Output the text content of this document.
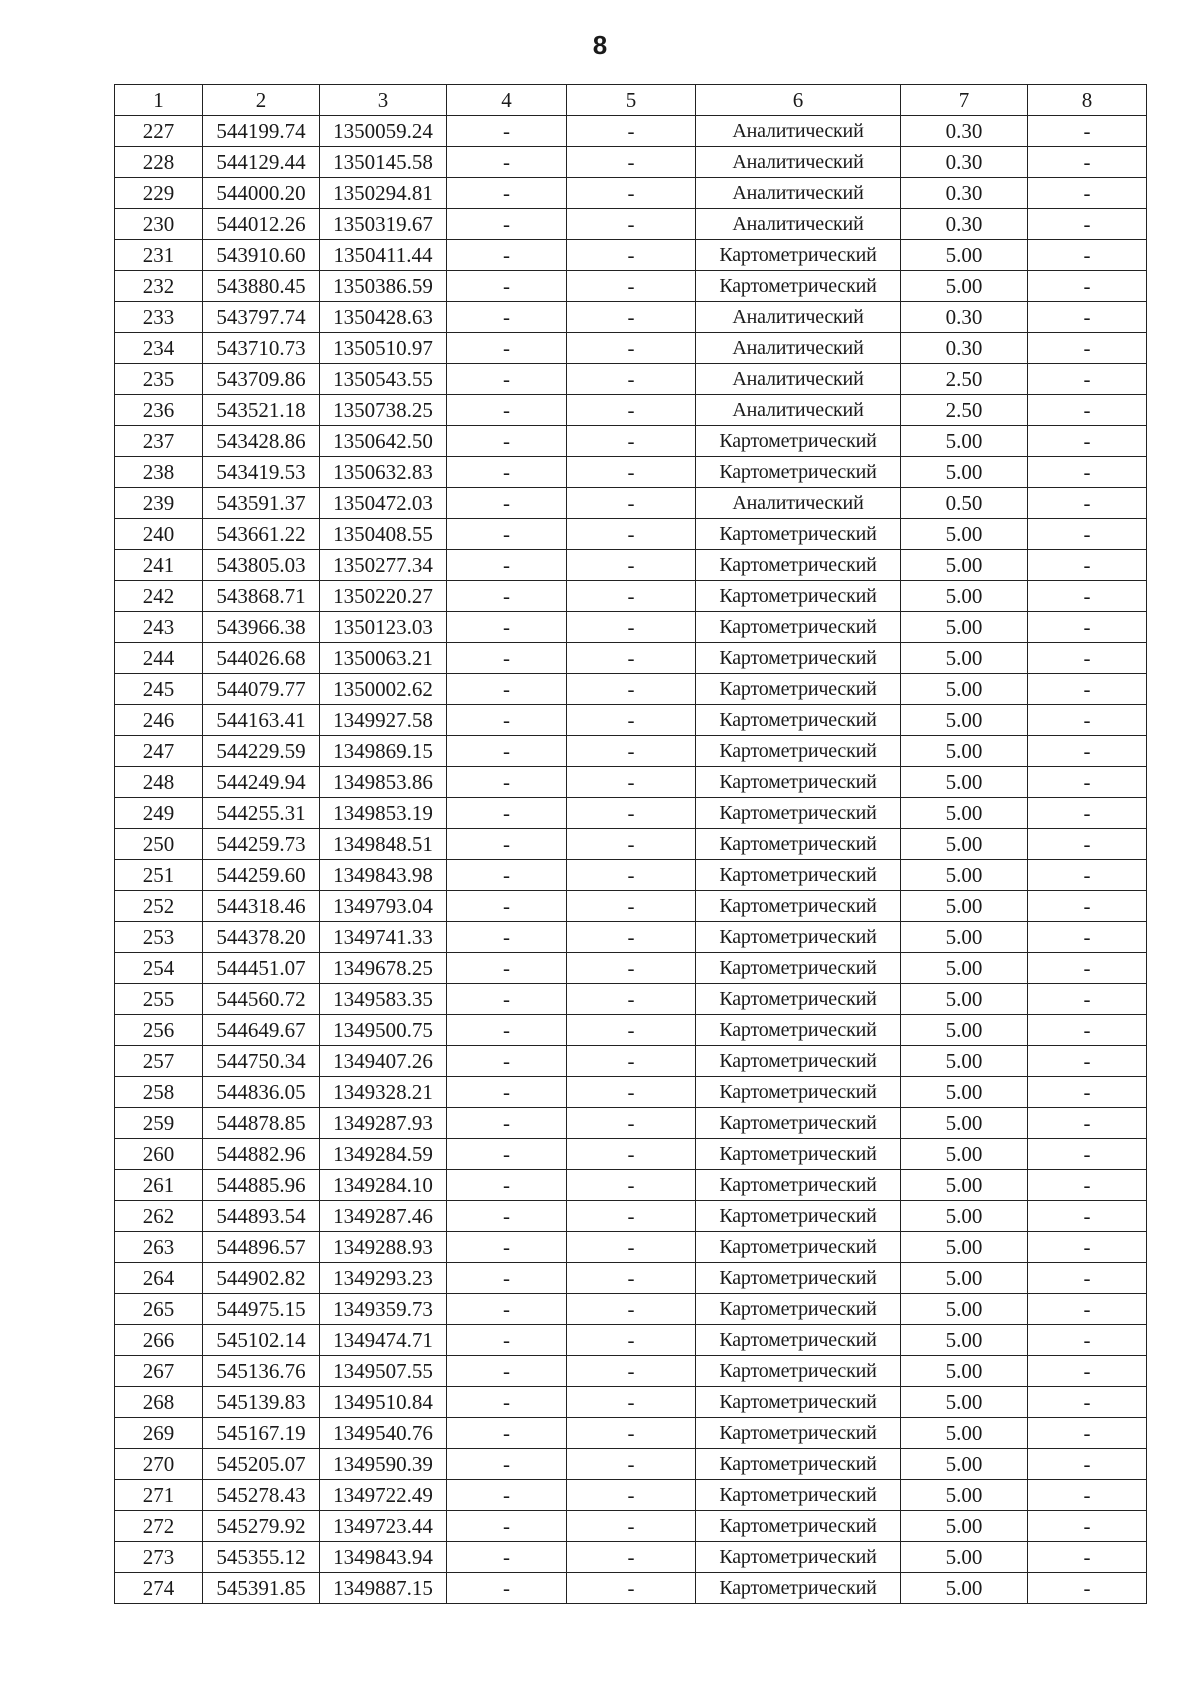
8
1	2	3	4	5	6	7	8
227	544199.74	1350059.24	-	-	Аналитический	0.30	-
228	544129.44	1350145.58	-	-	Аналитический	0.30	-
229	544000.20	1350294.81	-	-	Аналитический	0.30	-
230	544012.26	1350319.67	-	-	Аналитический	0.30	-
231	543910.60	1350411.44	-	-	Картометрический	5.00	-
232	543880.45	1350386.59	-	-	Картометрический	5.00	-
233	543797.74	1350428.63	-	-	Аналитический	0.30	-
234	543710.73	1350510.97	-	-	Аналитический	0.30	-
235	543709.86	1350543.55	-	-	Аналитический	2.50	-
236	543521.18	1350738.25	-	-	Аналитический	2.50	-
237	543428.86	1350642.50	-	-	Картометрический	5.00	-
238	543419.53	1350632.83	-	-	Картометрический	5.00	-
239	543591.37	1350472.03	-	-	Аналитический	0.50	-
240	543661.22	1350408.55	-	-	Картометрический	5.00	-
241	543805.03	1350277.34	-	-	Картометрический	5.00	-
242	543868.71	1350220.27	-	-	Картометрический	5.00	-
243	543966.38	1350123.03	-	-	Картометрический	5.00	-
244	544026.68	1350063.21	-	-	Картометрический	5.00	-
245	544079.77	1350002.62	-	-	Картометрический	5.00	-
246	544163.41	1349927.58	-	-	Картометрический	5.00	-
247	544229.59	1349869.15	-	-	Картометрический	5.00	-
248	544249.94	1349853.86	-	-	Картометрический	5.00	-
249	544255.31	1349853.19	-	-	Картометрический	5.00	-
250	544259.73	1349848.51	-	-	Картометрический	5.00	-
251	544259.60	1349843.98	-	-	Картометрический	5.00	-
252	544318.46	1349793.04	-	-	Картометрический	5.00	-
253	544378.20	1349741.33	-	-	Картометрический	5.00	-
254	544451.07	1349678.25	-	-	Картометрический	5.00	-
255	544560.72	1349583.35	-	-	Картометрический	5.00	-
256	544649.67	1349500.75	-	-	Картометрический	5.00	-
257	544750.34	1349407.26	-	-	Картометрический	5.00	-
258	544836.05	1349328.21	-	-	Картометрический	5.00	-
259	544878.85	1349287.93	-	-	Картометрический	5.00	-
260	544882.96	1349284.59	-	-	Картометрический	5.00	-
261	544885.96	1349284.10	-	-	Картометрический	5.00	-
262	544893.54	1349287.46	-	-	Картометрический	5.00	-
263	544896.57	1349288.93	-	-	Картометрический	5.00	-
264	544902.82	1349293.23	-	-	Картометрический	5.00	-
265	544975.15	1349359.73	-	-	Картометрический	5.00	-
266	545102.14	1349474.71	-	-	Картометрический	5.00	-
267	545136.76	1349507.55	-	-	Картометрический	5.00	-
268	545139.83	1349510.84	-	-	Картометрический	5.00	-
269	545167.19	1349540.76	-	-	Картометрический	5.00	-
270	545205.07	1349590.39	-	-	Картометрический	5.00	-
271	545278.43	1349722.49	-	-	Картометрический	5.00	-
272	545279.92	1349723.44	-	-	Картометрический	5.00	-
273	545355.12	1349843.94	-	-	Картометрический	5.00	-
274	545391.85	1349887.15	-	-	Картометрический	5.00	-
